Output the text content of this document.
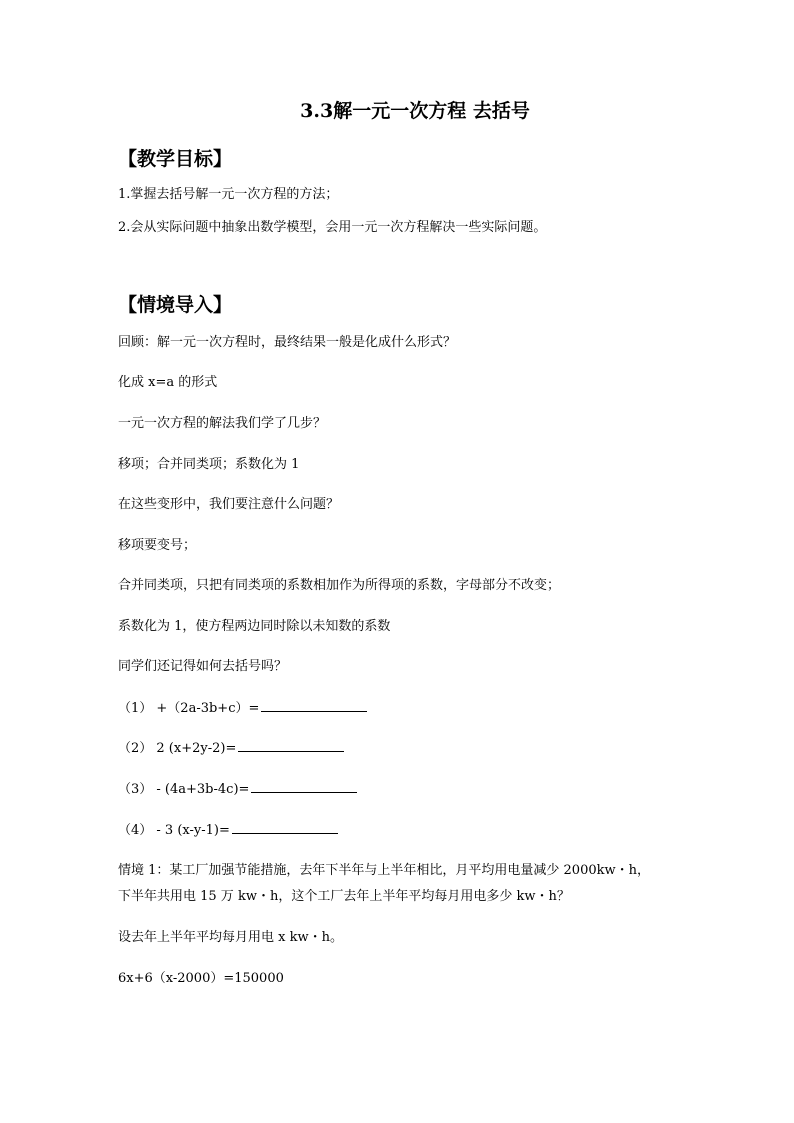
3.3解一元一次方程 去括号
【教学目标】
1.掌握去括号解一元一次方程的方法；
2.会从实际问题中抽象出数学模型，会用一元一次方程解决一些实际问题。
【情境导入】
回顾：解一元一次方程时，最终结果一般是化成什么形式？
化成 x=a 的形式
一元一次方程的解法我们学了几步？
移项；合并同类项；系数化为 1
在这些变形中，我们要注意什么问题？
移项要变号；
合并同类项，只把有同类项的系数相加作为所得项的系数，字母部分不改变；
系数化为 1，使方程两边同时除以未知数的系数
同学们还记得如何去括号吗？
（1） +（2a-3b+c）=
（2） 2 (x+2y-2)=
（3） - (4a+3b-4c)=
（4） - 3 (x-y-1)=
情境 1：某工厂加强节能措施，去年下半年与上半年相比，月平均用电量减少 2000kw・h，
下半年共用电 15 万 kw・h，这个工厂去年上半年平均每月用电多少 kw・h？
设去年上半年平均每月用电 x kw・h。
6x+6（x-2000）=150000
